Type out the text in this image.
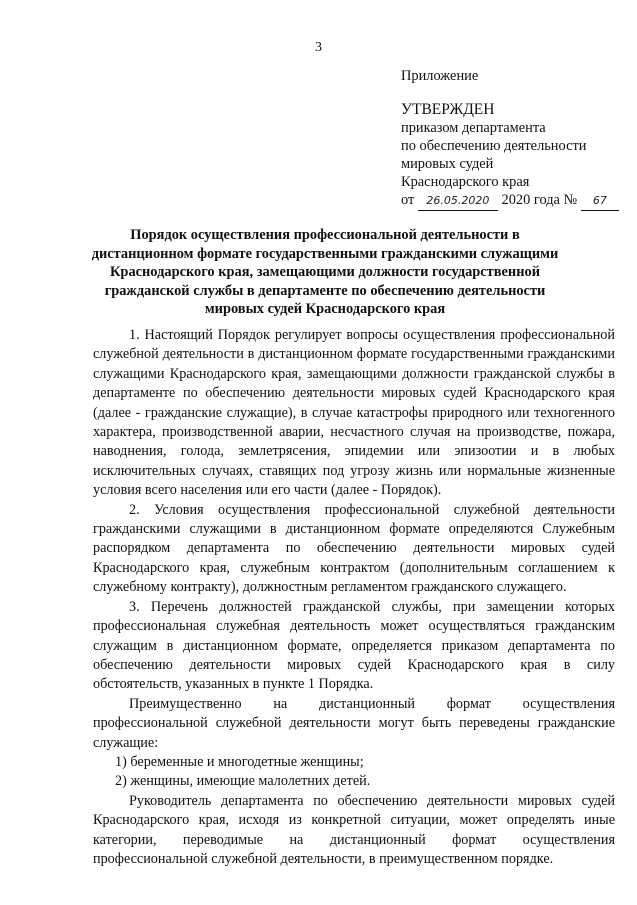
3
Приложение
УТВЕРЖДЕН
приказом департамента
по обеспечению деятельности
мировых судей
Краснодарского края
от 26.05.2020 2020 года № 67
Порядок осуществления профессиональной деятельности в дистанционном формате государственными гражданскими служащими Краснодарского края, замещающими должности государственной гражданской службы в департаменте по обеспечению деятельности мировых судей Краснодарского края

1. Настоящий Порядок регулирует вопросы осуществления профессиональной служебной деятельности в дистанционном формате государственными гражданскими служащими Краснодарского края, замещающими должности гражданской службы в департаменте по обеспечению деятельности мировых судей Краснодарского края (далее - гражданские служащие), в случае катастрофы природного или техногенного характера, производственной аварии, несчастного случая на производстве, пожара, наводнения, голода, землетрясения, эпидемии или эпизоотии и в любых исключительных случаях, ставящих под угрозу жизнь или нормальные жизненные условия всего населения или его части (далее - Порядок).

2. Условия осуществления профессиональной служебной деятельности гражданскими служащими в дистанционном формате определяются Служебным распорядком департамента по обеспечению деятельности мировых судей Краснодарского края, служебным контрактом (дополнительным соглашением к служебному контракту), должностным регламентом гражданского служащего.

3. Перечень должностей гражданской службы, при замещении которых профессиональная служебная деятельность может осуществляться гражданским служащим в дистанционном формате, определяется приказом департамента по обеспечению деятельности мировых судей Краснодарского края в силу обстоятельств, указанных в пункте 1 Порядка.

Преимущественно на дистанционный формат осуществления профессиональной служебной деятельности могут быть переведены гражданские служащие:

1) беременные и многодетные женщины;

2) женщины, имеющие малолетних детей.

Руководитель департамента по обеспечению деятельности мировых судей Краснодарского края, исходя из конкретной ситуации, может определять иные категории, переводимые на дистанционный формат осуществления профессиональной служебной деятельности, в преимущественном порядке.
